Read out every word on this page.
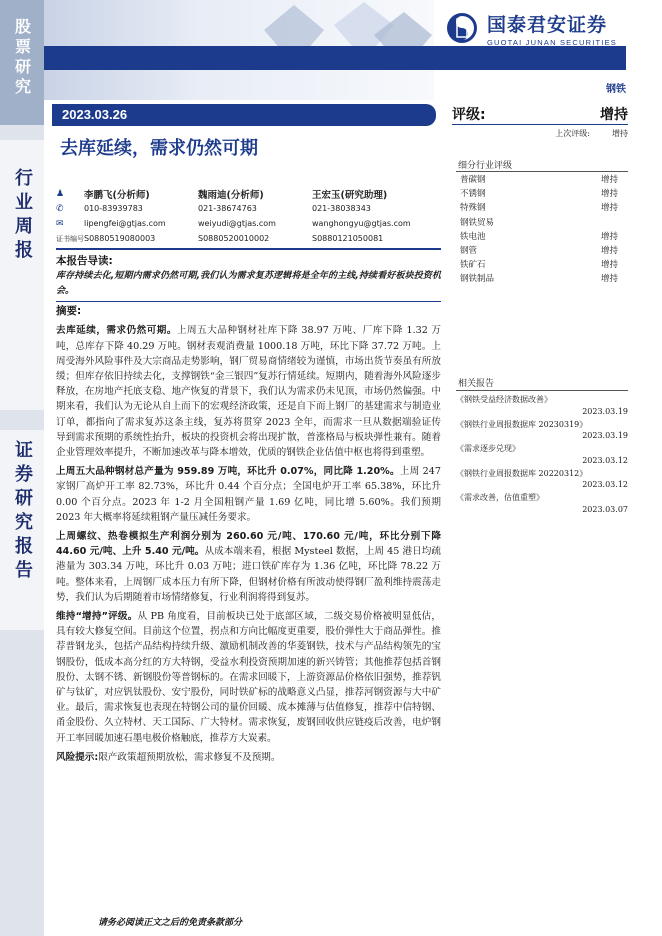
股票研究
行业周报
证券研究报告
国泰君安证券
GUOTAI JUNAN SECURITIES
钢铁
2023.03.26
去库延续，需求仍然可期
♟	李鹏飞(分析师)	魏雨迪(分析师)	王宏玉(研究助理)
✆	010-83939783	021-38674763	021-38038343
✉	lipengfei@gtjas.com	weiyudi@gtjas.com	wanghongyu@gtjas.com
证书编号 S0880519080003	S0880520010002	S0880121050081
本报告导读:
库存持续去化,短期内需求仍然可期,我们认为需求复苏逻辑将是全年的主线,持续看好板块投资机会。
摘要:
去库延续，需求仍然可期。上周五大品种钢材社库下降 38.97 万吨、厂库下降 1.32 万吨，总库存下降 40.29 万吨。钢材表观消费量 1000.18 万吨，环比下降 37.72 万吨。上周受海外风险事件及大宗商品走势影响，钢厂贸易商情绪较为谨慎，市场出货节奏虽有所放缓；但库存依旧持续去化，支撑钢铁“金三银四”复苏行情延续。短期内，随着海外风险逐步释放，在房地产托底支稳、地产恢复的背景下，我们认为需求仍未见顶，市场仍然偏强。中期来看，我们认为无论从自上而下的宏观经济政策，还是自下而上钢厂的基建需求与制造业订单，都指向了需求复苏这条主线，复苏将贯穿 2023 全年，而需求一旦从数据端验证传导到需求预期的系统性抬升，板块的投资机会将出现扩散，普涨格局与板块弹性兼有。随着企业管理效率提升，不断加速改革与降本增效，优质的钢铁企业估值中枢也将得到重塑。
上周五大品种钢材总产量为 959.89 万吨，环比升 0.07%，同比降 1.20%。上周 247 家钢厂高炉开工率 82.73%，环比升 0.44 个百分点；全国电炉开工率 65.38%，环比升 0.00 个百分点。2023 年 1-2 月全国粗钢产量 1.69 亿吨，同比增 5.60%。我们预期 2023 年大概率将延续粗钢产量压减任务要求。
上周螺纹、热卷模拟生产利润分别为 260.60 元/吨、170.60 元/吨，环比分别下降 44.60 元/吨、上升 5.40 元/吨。从成本端来看，根据 Mysteel 数据，上周 45 港日均疏港量为 303.34 万吨，环比升 0.03 万吨；进口铁矿库存为 1.36 亿吨，环比降 78.22 万吨。整体来看，上周钢厂成本压力有所下降，但钢材价格有所波动使得钢厂盈利维持震荡走势，我们认为后期随着市场情绪修复，行业利润将得到复苏。
维持“增持”评级。从 PB 角度看，目前板块已处于底部区域，二级交易价格被明显低估，具有较大修复空间。目前这个位置，拐点和方向比幅度更重要，股价弹性大于商品弹性。推荐普钢龙头，包括产品结构持续升级、激励机制改善的华菱钢铁，技术与产品结构领先的宝钢股份，低成本高分红的方大特钢，受益水利投资预期加速的新兴铸管；其他推荐包括首钢股份、太钢不锈、新钢股份等普钢标的。在需求回暖下，上游资源品价格依旧强势，推荐钒矿与钛矿，对应钒钛股份、安宁股份，同时铁矿标的战略意义凸显，推荐河钢资源与大中矿业。最后，需求恢复也表现在特钢公司的量价回暖、成本摊薄与估值修复，推荐中信特钢、甬金股份、久立特材、天工国际、广大特材。需求恢复，废钢回收供应链疫后改善，电炉钢开工率回暖加速石墨电极价格触底，推荐方大炭素。
风险提示:限产政策超预期放松，需求修复不及预期。
评级:	增持
上次评级:	增持
细分行业评级
普碳钢	增持
不锈钢	增持
特殊钢	增持
钢铁贸易
铁电池	增持
钢管	增持
铁矿石	增持
钢铁制品	增持
相关报告
《钢铁受益经济数据改善》
2023.03.19
《钢铁行业周报数据库 20230319》
2023.03.19
《需求逐步兑现》
2023.03.12
《钢铁行业周报数据库 20220312》
2023.03.12
《需求改善，估值重塑》
2023.03.07
请务必阅读正文之后的免责条款部分
